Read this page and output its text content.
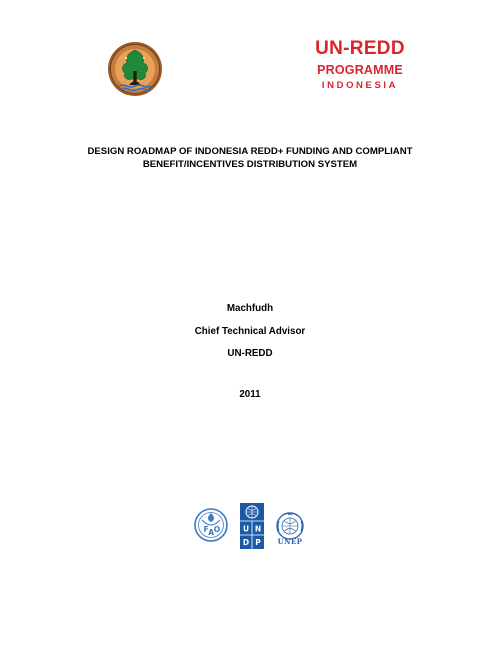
UN-REDD
PROGRAMME
INDONESIA
DESIGN ROADMAP OF INDONESIA REDD+ FUNDING AND COMPLIANT
BENEFIT/INCENTIVES DISTRIBUTION SYSTEM
Machfudh
Chief Technical Advisor
UN-REDD
2011
F A O	U N
D P	UNEP
